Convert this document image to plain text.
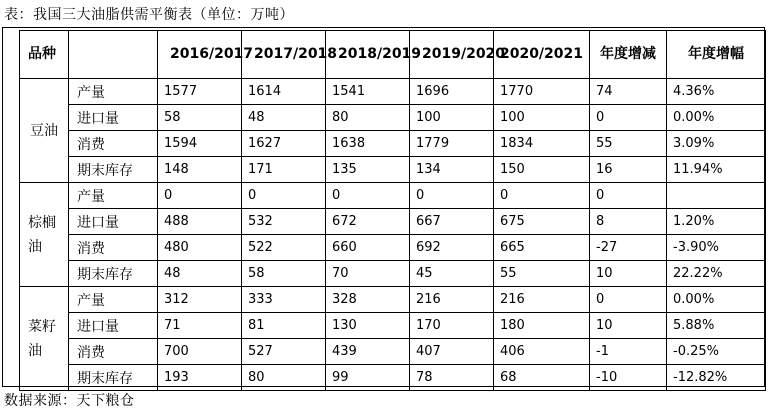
表：我国三大油脂供需平衡表（单位：万吨）
品种		2016/2017	2017/2018	2018/2019	2019/2020	2020/2021	年度增减	年度增幅
豆油	产量	1577	1614	1541	1696	1770	74	4.36%
	进口量	58	48	80	100	100	0	0.00%
	消费	1594	1627	1638	1779	1834	55	3.09%
	期末库存	148	171	135	134	150	16	11.94%
棕榈油	产量	0	0	0	0	0	0	
	进口量	488	532	672	667	675	8	1.20%
	消费	480	522	660	692	665	-27	-3.90%
	期末库存	48	58	70	45	55	10	22.22%
菜籽油	产量	312	333	328	216	216	0	0.00%
	进口量	71	81	130	170	180	10	5.88%
	消费	700	527	439	407	406	-1	-0.25%
	期末库存	193	80	99	78	68	-10	-12.82%
数据来源：天下粮仓
